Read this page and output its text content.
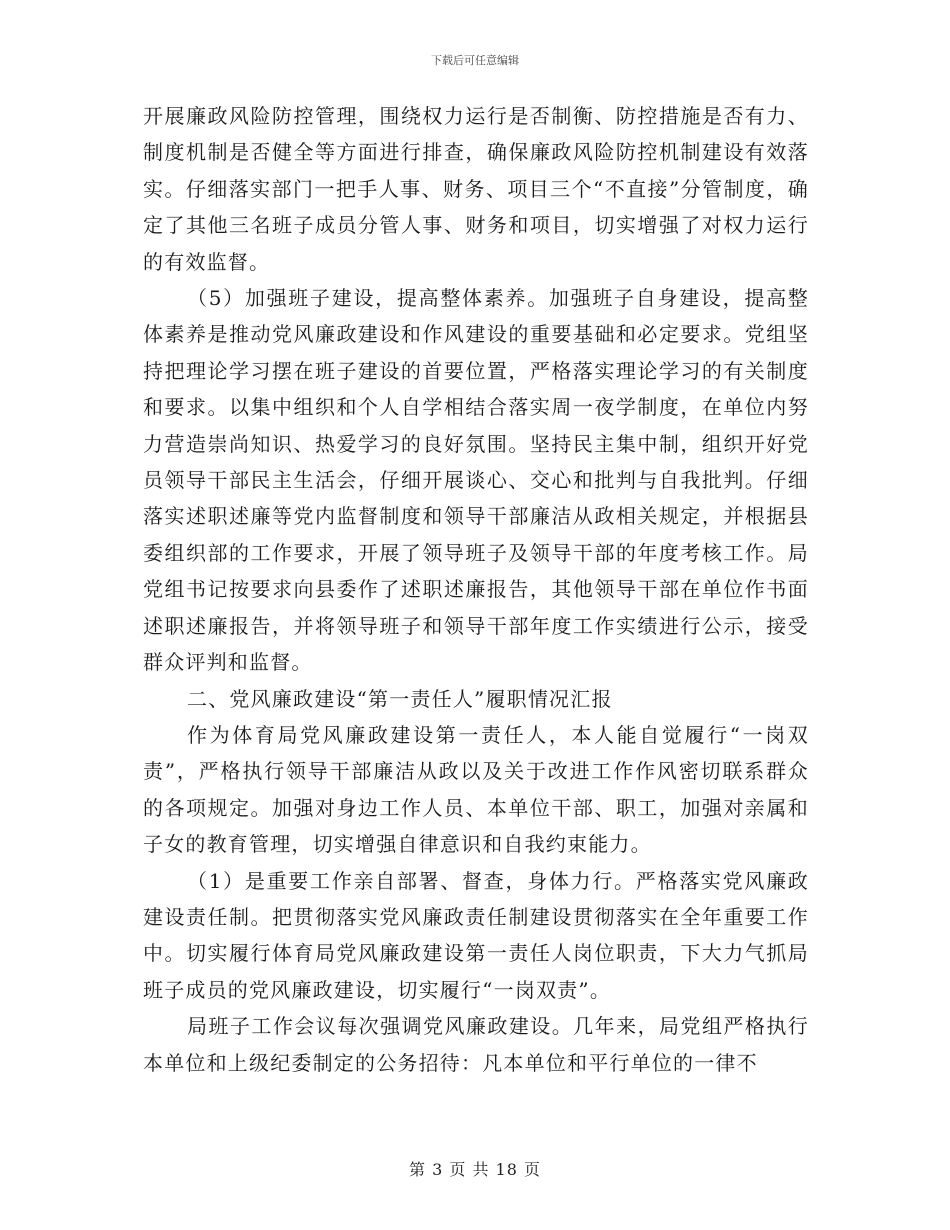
下载后可任意编辑

开展廉政风险防控管理，围绕权力运行是否制衡、防控措施是否有力、制度机制是否健全等方面进行排查，确保廉政风险防控机制建设有效落实。仔细落实部门一把手人事、财务、项目三个“不直接”分管制度，确定了其他三名班子成员分管人事、财务和项目，切实增强了对权力运行的有效监督。

（5）加强班子建设，提高整体素养。加强班子自身建设，提高整体素养是推动党风廉政建设和作风建设的重要基础和必定要求。党组坚持把理论学习摆在班子建设的首要位置，严格落实理论学习的有关制度和要求。以集中组织和个人自学相结合落实周一夜学制度，在单位内努力营造崇尚知识、热爱学习的良好氛围。坚持民主集中制，组织开好党员领导干部民主生活会，仔细开展谈心、交心和批判与自我批判。仔细落实述职述廉等党内监督制度和领导干部廉洁从政相关规定，并根据县委组织部的工作要求，开展了领导班子及领导干部的年度考核工作。局党组书记按要求向县委作了述职述廉报告，其他领导干部在单位作书面述职述廉报告，并将领导班子和领导干部年度工作实绩进行公示，接受群众评判和监督。

二、党风廉政建设“第一责任人”履职情况汇报

作为体育局党风廉政建设第一责任人，本人能自觉履行“一岗双责”，严格执行领导干部廉洁从政以及关于改进工作作风密切联系群众的各项规定。加强对身边工作人员、本单位干部、职工，加强对亲属和子女的教育管理，切实增强自律意识和自我约束能力。

（1）是重要工作亲自部署、督查，身体力行。严格落实党风廉政建设责任制。把贯彻落实党风廉政责任制建设贯彻落实在全年重要工作中。切实履行体育局党风廉政建设第一责任人岗位职责，下大力气抓局班子成员的党风廉政建设，切实履行“一岗双责”。

局班子工作会议每次强调党风廉政建设。几年来，局党组严格执行本单位和上级纪委制定的公务招待：凡本单位和平行单位的一律不

第 3 页 共 18 页
